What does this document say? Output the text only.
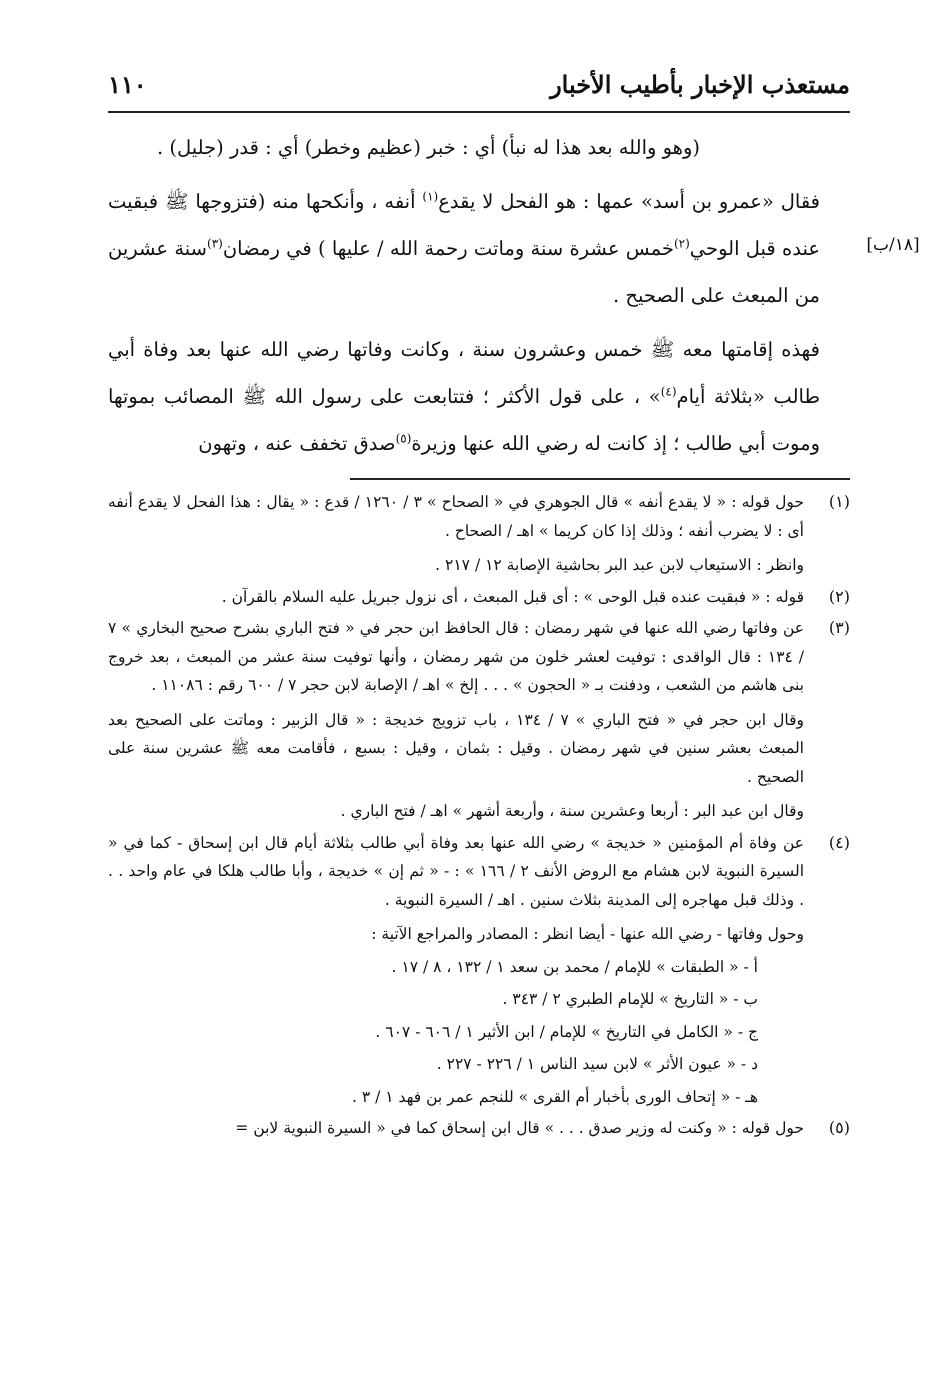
مستعذب الإخبار بأطيب الأخبار
١١٠
[١٨/ب]

(وهو والله بعد هذا له نبأ) أي : خبر (عظيم وخطر) أي : قدر (جليل) .

فقال «عمرو بن أسد» عمها : هو الفحل لا يقدع$^{(١)}$ أنفه ، وأنكحها منه (فتزوجها ﷺ فبقيت عنده قبل الوحي$^{(٢)}$خمس عشرة سنة وماتت رحمة الله / عليها ) في رمضان$^{(٣)}$سنة عشرين من المبعث على الصحيح .

فهذه إقامتها معه ﷺ خمس وعشرون سنة ، وكانت وفاتها رضي الله عنها بعد وفاة أبي طالب «بثلاثة أيام$^{(٤)}$» ، على قول الأكثر ؛ فتتابعت على رسول الله ﷺ المصائب بموتها وموت أبي طالب ؛ إذ كانت له رضي الله عنها وزيرة$^{(٥)}$صدق تخفف عنه ، وتهون

(١)

حول قوله : « لا يقدع أنفه » قال الجوهري في « الصحاح » ٣ / ١٢٦٠ / قدع : « يقال : هذا الفحل لا يقدع أنفه أى : لا يضرب أنفه ؛ وذلك إذا كان كريما » اهـ / الصحاح .

وانظر : الاستيعاب لابن عبد البر بحاشية الإصابة ١٢ / ٢١٧ .

(٢)

قوله : « فبقيت عنده قبل الوحى » : أى قبل المبعث ، أى نزول جبريل عليه السلام بالقرآن .

(٣)

عن وفاتها رضي الله عنها في شهر رمضان : قال الحافظ ابن حجر في « فتح الباري بشرح صحيح البخاري » ٧ / ١٣٤ : قال الواقدى : توفيت لعشر خلون من شهر رمضان ، وأنها توفيت سنة عشر من المبعث ، بعد خروج بنى هاشم من الشعب ، ودفنت بـ « الحجون » . . . إلخ » اهـ / الإصابة لابن حجر ٧ / ٦٠٠ رقم : ١١٠٨٦ .

وقال ابن حجر في « فتح الباري » ٧ / ١٣٤ ، باب تزويج خديجة : « قال الزبير : وماتت على الصحيح بعد المبعث بعشر سنين في شهر رمضان . وقيل : بثمان ، وقيل : بسبع ، فأقامت معه ﷺ عشرين سنة على الصحيح .

وقال ابن عبد البر : أربعا وعشرين سنة ، وأربعة أشهر » اهـ / فتح الباري .

(٤)

عن وفاة أم المؤمنين « خديجة » رضي الله عنها بعد وفاة أبي طالب بثلاثة أيام قال ابن إسحاق - كما في « السيرة النبوية لابن هشام مع الروض الأنف ٢ / ١٦٦ » : - « ثم إن » خديجة ، وأبا طالب هلكا في عام واحد . . . وذلك قبل مهاجره إلى المدينة بثلاث سنين . اهـ / السيرة النبوية .

وحول وفاتها - رضي الله عنها - أيضا انظر : المصادر والمراجع الآتية :

أ - « الطبقات » للإمام / محمد بن سعد ١ / ١٣٢ ، ٨ / ١٧ .

ب - « التاريخ » للإمام الطبري ٢ / ٣٤٣ .

ج - « الكامل في التاريخ » للإمام / ابن الأثير ١ / ٦٠٦ - ٦٠٧ .

د - « عيون الأثر » لابن سيد الناس ١ / ٢٢٦ - ٢٢٧ .

هـ - « إتحاف الورى بأخبار أم القرى » للنجم عمر بن فهد ١ / ٣ .

(٥)

حول قوله : « وكنت له وزير صدق . . . » قال ابن إسحاق كما في « السيرة النبوية لابن =
